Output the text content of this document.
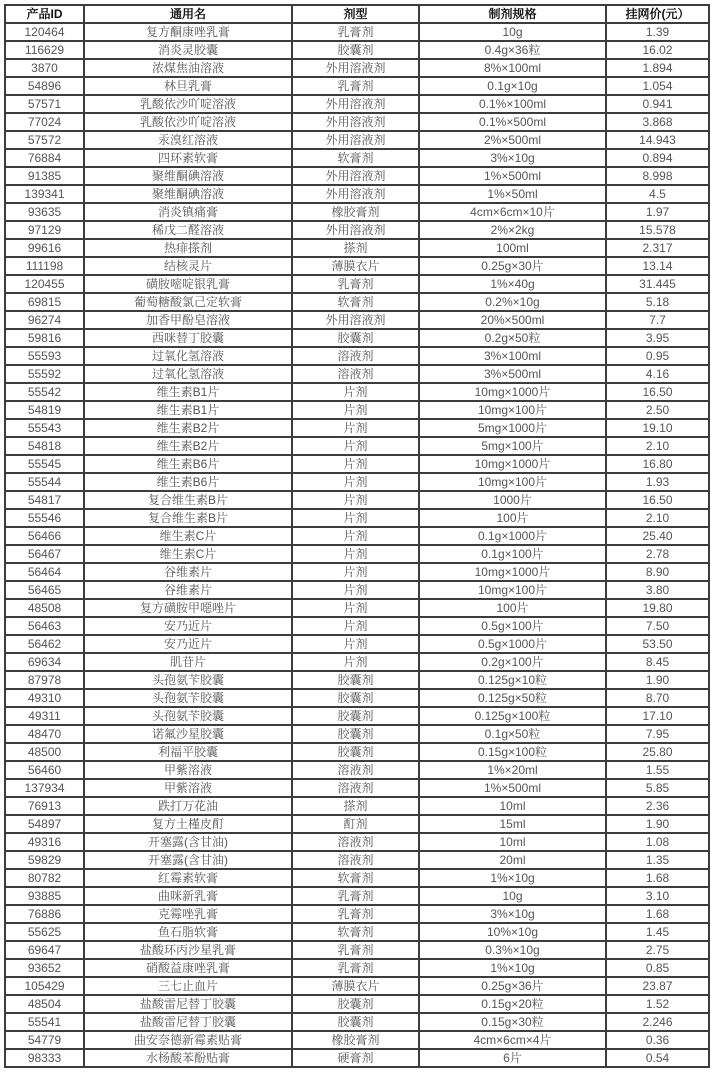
产品ID	通用名	剂型	制剂规格	挂网价(元）
120464	复方酮康唑乳膏	乳膏剂	10g	1.39
116629	消炎灵胶囊	胶囊剂	0.4g×36粒	16.02
3870	浓煤焦油溶液	外用溶液剂	8%×100ml	1.894
54896	林旦乳膏	乳膏剂	0.1g×10g	1.054
57571	乳酸依沙吖啶溶液	外用溶液剂	0.1%×100ml	0.941
77024	乳酸依沙吖啶溶液	外用溶液剂	0.1%×500ml	3.868
57572	汞溴红溶液	外用溶液剂	2%×500ml	14.943
76884	四环素软膏	软膏剂	3%×10g	0.894
91385	聚维酮碘溶液	外用溶液剂	1%×500ml	8.998
139341	聚维酮碘溶液	外用溶液剂	1%×50ml	4.5
93635	消炎镇痛膏	橡胶膏剂	4cm×6cm×10片	1.97
97129	稀戊二醛溶液	外用溶液剂	2%×2kg	15.578
99616	热痱搽剂	搽剂	100ml	2.317
111198	结核灵片	薄膜衣片	0.25g×30片	13.14
120455	磺胺嘧啶银乳膏	乳膏剂	1%×40g	31.445
69815	葡萄糖酸氯己定软膏	软膏剂	0.2%×10g	5.18
96274	加香甲酚皂溶液	外用溶液剂	20%×500ml	7.7
59816	西咪替丁胶囊	胶囊剂	0.2g×50粒	3.95
55593	过氧化氢溶液	溶液剂	3%×100ml	0.95
55592	过氧化氢溶液	溶液剂	3%×500ml	4.16
55542	维生素B1片	片剂	10mg×1000片	16.50
54819	维生素B1片	片剂	10mg×100片	2.50
55543	维生素B2片	片剂	5mg×1000片	19.10
54818	维生素B2片	片剂	5mg×100片	2.10
55545	维生素B6片	片剂	10mg×1000片	16.80
55544	维生素B6片	片剂	10mg×100片	1.93
54817	复合维生素B片	片剂	1000片	16.50
55546	复合维生素B片	片剂	100片	2.10
56466	维生素C片	片剂	0.1g×1000片	25.40
56467	维生素C片	片剂	0.1g×100片	2.78
56464	谷维素片	片剂	10mg×1000片	8.90
56465	谷维素片	片剂	10mg×100片	3.80
48508	复方磺胺甲噁唑片	片剂	100片	19.80
56463	安乃近片	片剂	0.5g×100片	7.50
56462	安乃近片	片剂	0.5g×1000片	53.50
69634	肌苷片	片剂	0.2g×100片	8.45
87978	头孢氨苄胶囊	胶囊剂	0.125g×10粒	1.90
49310	头孢氨苄胶囊	胶囊剂	0.125g×50粒	8.70
49311	头孢氨苄胶囊	胶囊剂	0.125g×100粒	17.10
48470	诺氟沙星胶囊	胶囊剂	0.1g×50粒	7.95
48500	利福平胶囊	胶囊剂	0.15g×100粒	25.80
56460	甲紫溶液	溶液剂	1%×20ml	1.55
137934	甲紫溶液	溶液剂	1%×500ml	5.85
76913	跌打万花油	搽剂	10ml	2.36
54897	复方土槿皮酊	酊剂	15ml	1.90
49316	开塞露(含甘油)	溶液剂	10ml	1.08
59829	开塞露(含甘油)	溶液剂	20ml	1.35
80782	红霉素软膏	软膏剂	1%×10g	1.68
93885	曲咪新乳膏	乳膏剂	10g	3.10
76886	克霉唑乳膏	乳膏剂	3%×10g	1.68
55625	鱼石脂软膏	软膏剂	10%×10g	1.45
69647	盐酸环丙沙星乳膏	乳膏剂	0.3%×10g	2.75
93652	硝酸益康唑乳膏	乳膏剂	1%×10g	0.85
105429	三七止血片	薄膜衣片	0.25g×36片	23.87
48504	盐酸雷尼替丁胶囊	胶囊剂	0.15g×20粒	1.52
55541	盐酸雷尼替丁胶囊	胶囊剂	0.15g×30粒	2.246
54779	曲安奈德新霉素贴膏	橡胶膏剂	4cm×6cm×4片	0.36
98333	水杨酸苯酚贴膏	硬膏剂	6片	0.54
